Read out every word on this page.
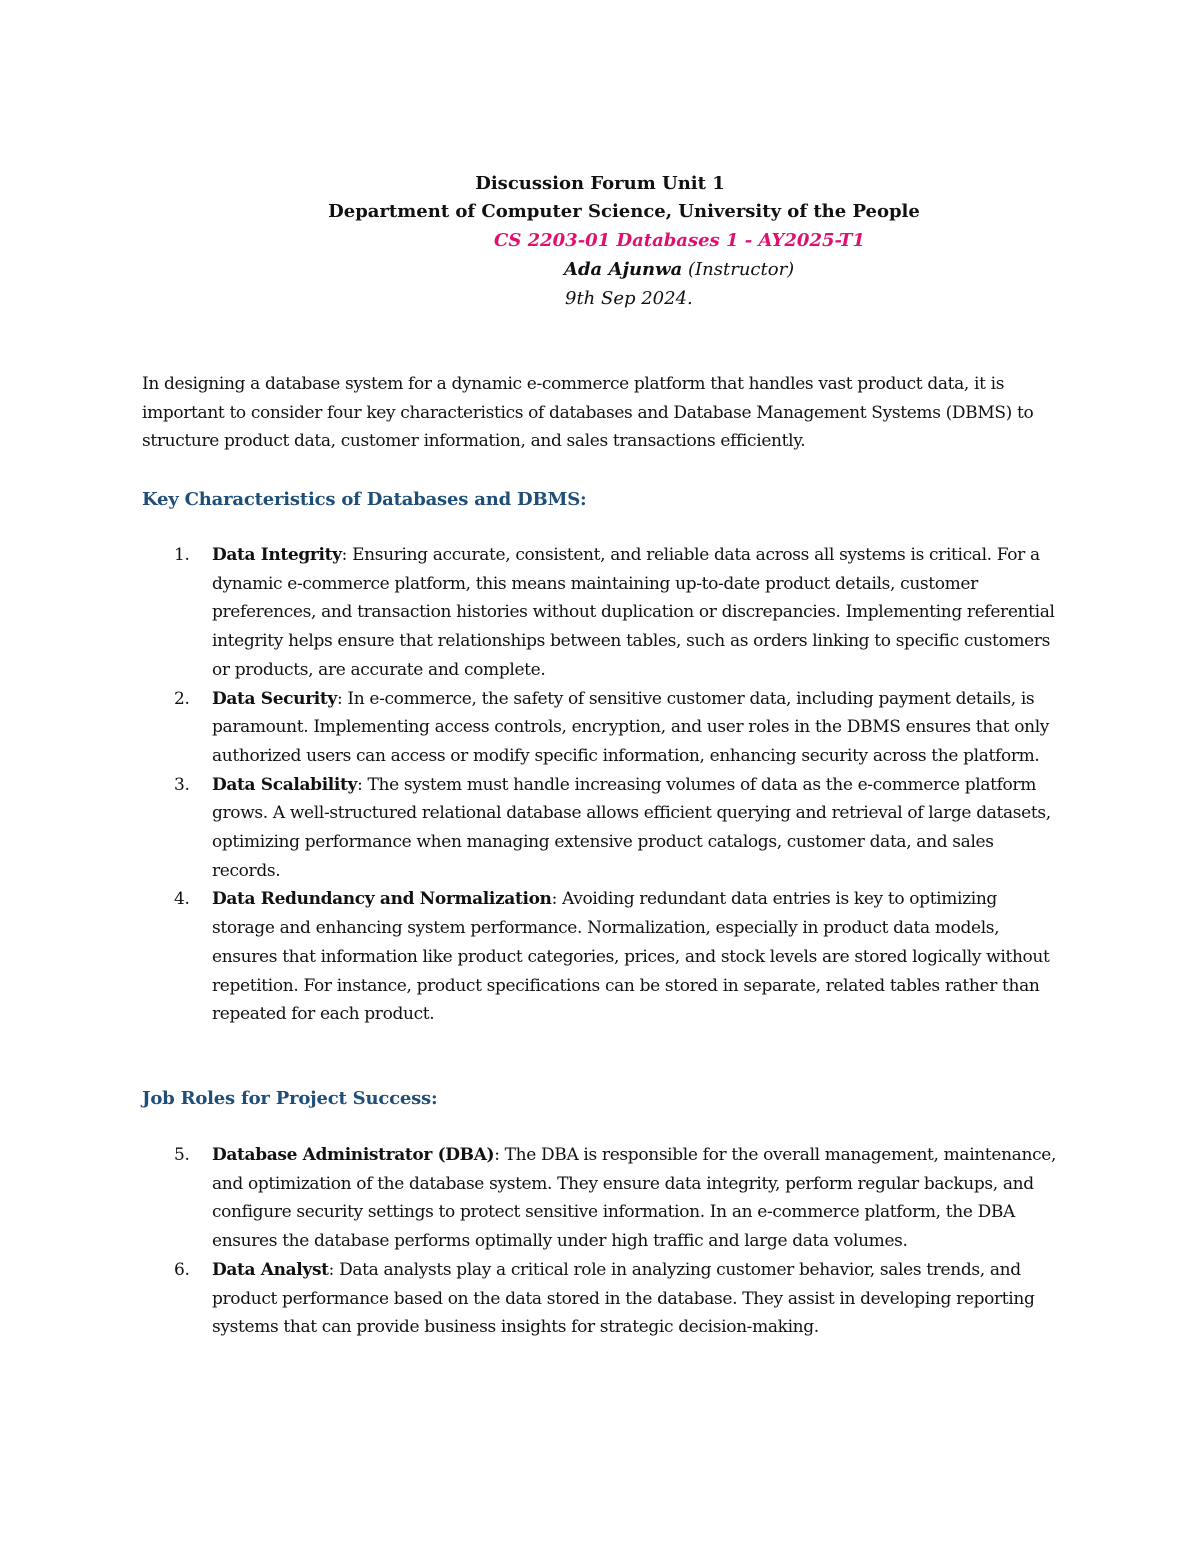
Discussion Forum Unit 1
Department of Computer Science, University of the People
CS 2203-01 Databases 1 - AY2025-T1
Ada Ajunwa (Instructor)
9th Sep 2024.

In designing a database system for a dynamic e-commerce platform that handles vast product data, it is important to consider four key characteristics of databases and Database Management Systems (DBMS) to structure product data, customer information, and sales transactions efficiently.

Key Characteristics of Databases and DBMS:
1. Data Integrity: Ensuring accurate, consistent, and reliable data across all systems is critical. For a dynamic e-commerce platform, this means maintaining up-to-date product details, customer preferences, and transaction histories without duplication or discrepancies. Implementing referential integrity helps ensure that relationships between tables, such as orders linking to specific customers or products, are accurate and complete.
2. Data Security: In e-commerce, the safety of sensitive customer data, including payment details, is paramount. Implementing access controls, encryption, and user roles in the DBMS ensures that only authorized users can access or modify specific information, enhancing security across the platform.
3. Data Scalability: The system must handle increasing volumes of data as the e-commerce platform grows. A well-structured relational database allows efficient querying and retrieval of large datasets, optimizing performance when managing extensive product catalogs, customer data, and sales records.
4. Data Redundancy and Normalization: Avoiding redundant data entries is key to optimizing storage and enhancing system performance. Normalization, especially in product data models, ensures that information like product categories, prices, and stock levels are stored logically without repetition. For instance, product specifications can be stored in separate, related tables rather than repeated for each product.
Job Roles for Project Success:
5. Database Administrator (DBA): The DBA is responsible for the overall management, maintenance, and optimization of the database system. They ensure data integrity, perform regular backups, and configure security settings to protect sensitive information. In an e-commerce platform, the DBA ensures the database performs optimally under high traffic and large data volumes.
6. Data Analyst: Data analysts play a critical role in analyzing customer behavior, sales trends, and product performance based on the data stored in the database. They assist in developing reporting systems that can provide business insights for strategic decision-making.
